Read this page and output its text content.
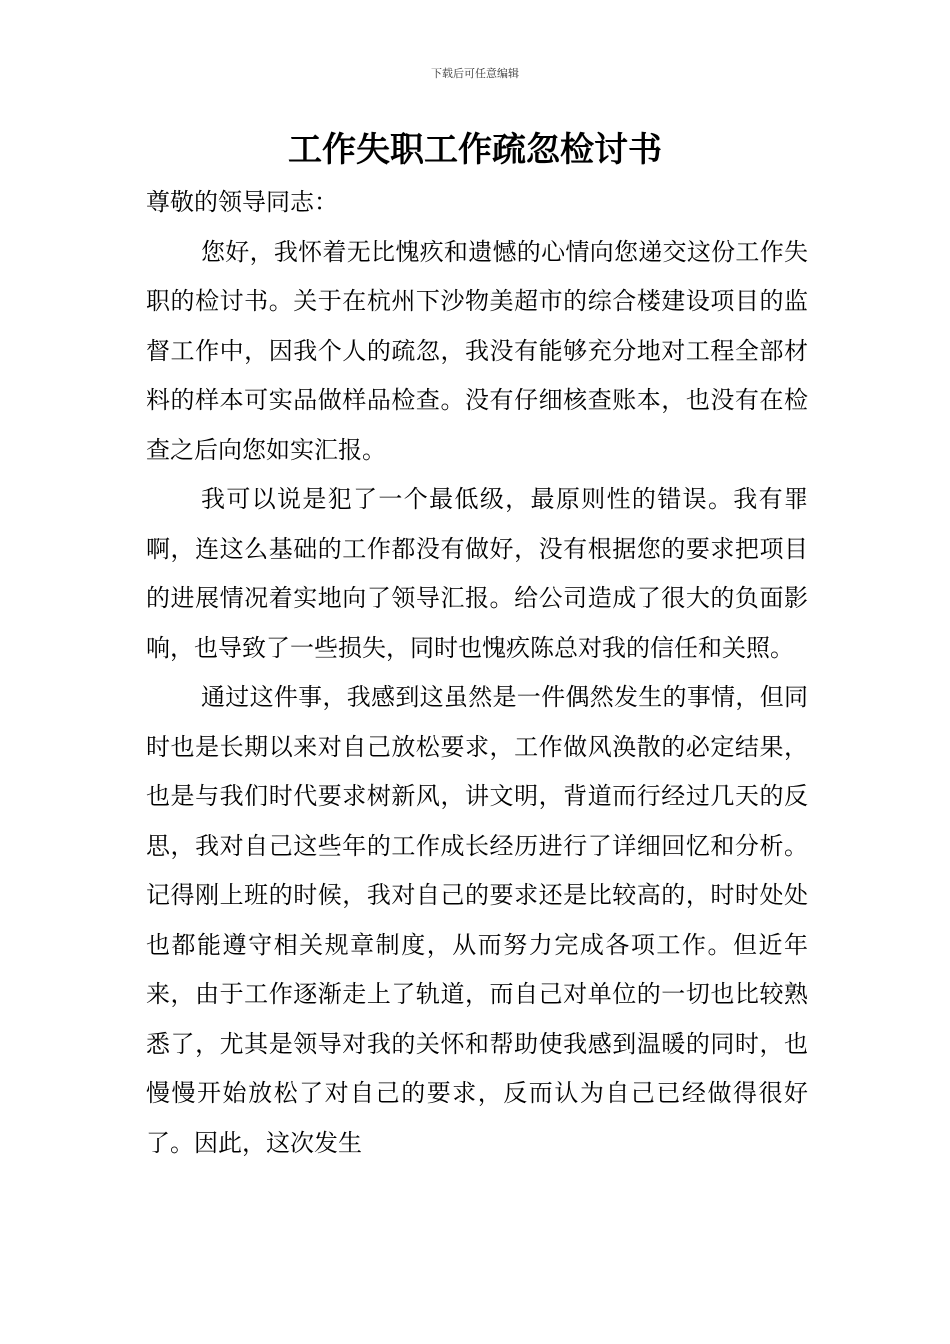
下载后可任意编辑
工作失职工作疏忽检讨书

尊敬的领导同志：

您好，我怀着无比愧疚和遗憾的心情向您递交这份工作失职的检讨书。关于在杭州下沙物美超市的综合楼建设项目的监督工作中，因我个人的疏忽，我没有能够充分地对工程全部材料的样本可实品做样品检查。没有仔细核查账本，也没有在检查之后向您如实汇报。

我可以说是犯了一个最低级，最原则性的错误。我有罪啊，连这么基础的工作都没有做好，没有根据您的要求把项目的进展情况着实地向了领导汇报。给公司造成了很大的负面影响，也导致了一些损失，同时也愧疚陈总对我的信任和关照。

通过这件事，我感到这虽然是一件偶然发生的事情，但同时也是长期以来对自己放松要求，工作做风涣散的必定结果，也是与我们时代要求树新风，讲文明，背道而行经过几天的反思，我对自己这些年的工作成长经历进行了详细回忆和分析。记得刚上班的时候，我对自己的要求还是比较高的，时时处处也都能遵守相关规章制度，从而努力完成各项工作。但近年来，由于工作逐渐走上了轨道，而自己对单位的一切也比较熟悉了，尤其是领导对我的关怀和帮助使我感到温暖的同时，也慢慢开始放松了对自己的要求，反而认为自己已经做得很好了。因此，这次发生
